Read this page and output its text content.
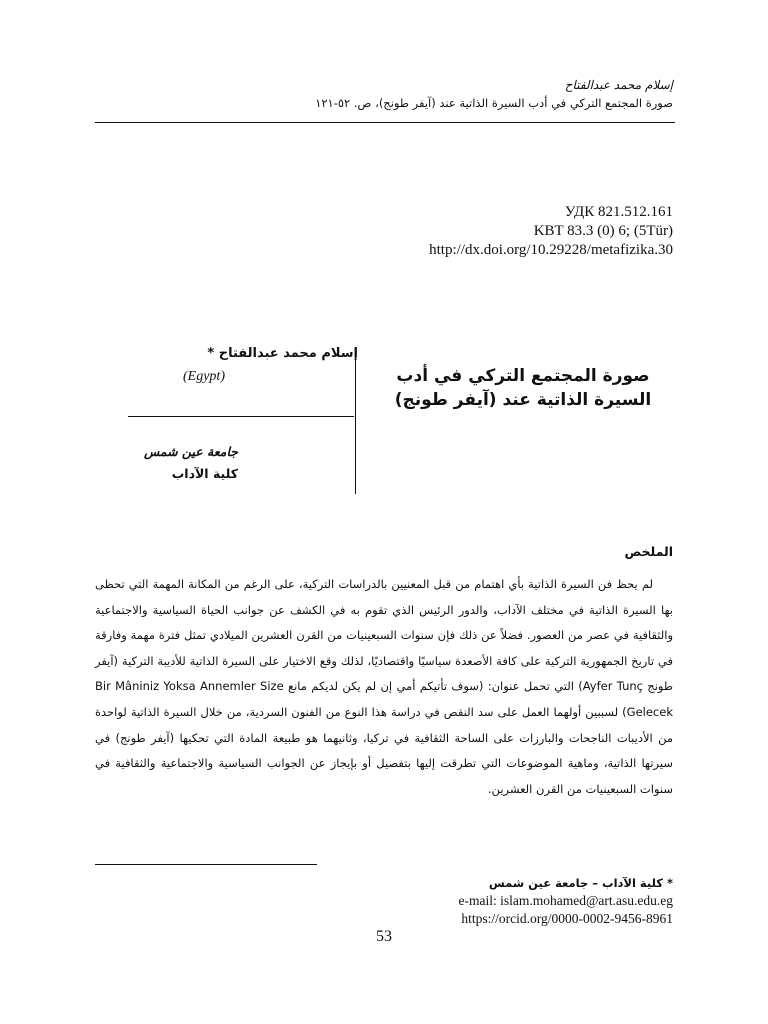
إسلام محمد عبدالفتاح
صورة المجتمع التركي في أدب السيرة الذاتية عند (آيفر طونج)، ص. ٥٢-١٢١
УДК 821.512.161
KBT 83.3 (0) 6; (5Tür)
http://dx.doi.org/10.29228/metafizika.30
صورة المجتمع التركي في أدب السيرة الذاتية عند (آيفر طونج)
إسلام محمد عبدالفتاح *
(Egypt)
جامعة عين شمس
كلية الآداب
الملخص
لم يحظ فن السيرة الذاتية بأي اهتمام من قبل المعنيين بالدراسات التركية، على الرغم من المكانة المهمة التي تحظى بها السيرة الذاتية في مختلف الآداب، والدور الرئيس الذي تقوم به في الكشف عن جوانب الحياة السياسية والاجتماعية والثقافية في عصر من العصور. فضلاً عن ذلك فإن سنوات السبعينيات من القرن العشرين الميلادي تمثل فترة مهمة وفارقة في تاريخ الجمهورية التركية على كافة الأصعدة سياسيًا واقتصاديًا، لذلك وقع الاختيار على السيرة الذاتية للأديبة التركية (آيفر طونج Ayfer Tunç) التي تحمل عنوان: (سوف تأتيكم أمي إن لم يكن لديكم مانع Bir Mâniniz Yoksa Annemler Size Gelecek) لسببين أولهما العمل على سد النقص في دراسة هذا النوع من الفنون السردية، من خلال السيرة الذاتية لواحدة من الأديبات الناجحات والبارزات على الساحة الثقافية في تركيا، وثانيهما هو طبيعة المادة التي تحكيها (آيفر طونج) في سيرتها الذاتية، وماهية الموضوعات التي تطرقت إليها بتفصيل أو بإيجاز عن الجوانب السياسية والاجتماعية والثقافية في سنوات السبعينيات من القرن العشرين.
* كلية الآداب – جامعة عين شمس
e-mail: islam.mohamed@art.asu.edu.eg
https://orcid.org/0000-0002-9456-8961
53
